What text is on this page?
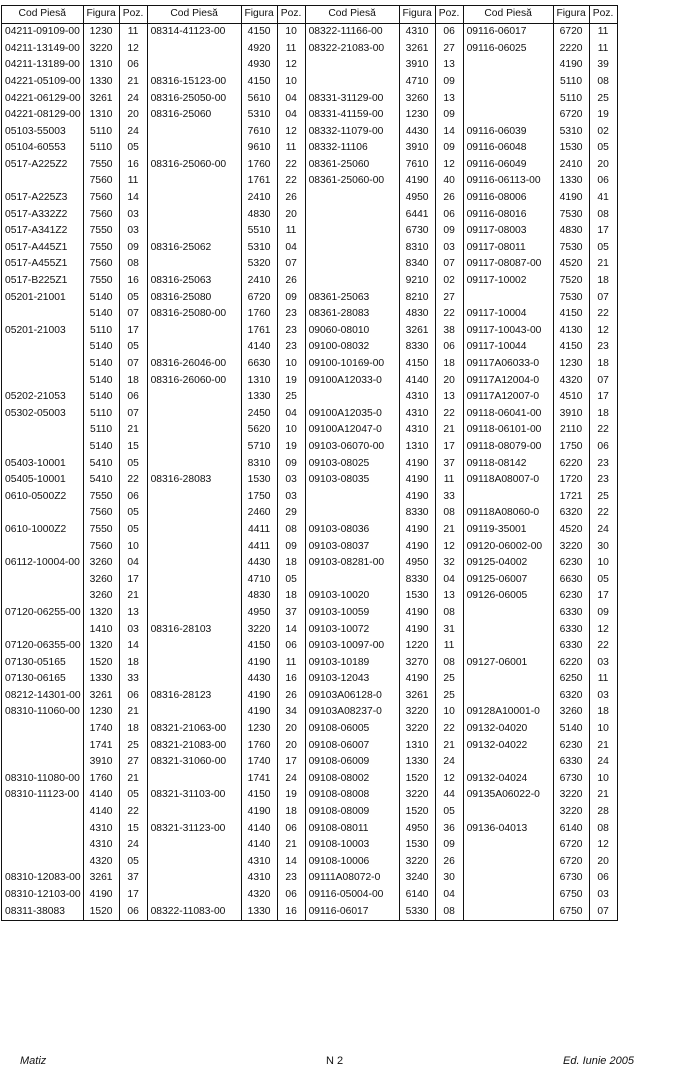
Cod Piesă	Figura	Poz.	Cod Piesă	Figura	Poz.	Cod Piesă	Figura	Poz.	Cod Piesă	Figura	Poz.
04211-09109-00	1230	11	08314-41123-00	4150	10	08322-11166-00	4310	06	09116-06017	6720	11
04211-13149-00	3220	12		4920	11	08322-21083-00	3261	27	09116-06025	2220	11
04211-13189-00	1310	06		4930	12		3910	13		4190	39
04221-05109-00	1330	21	08316-15123-00	4150	10		4710	09		5110	08
04221-06129-00	3261	24	08316-25050-00	5610	04	08331-31129-00	3260	13		5110	25
04221-08129-00	1310	20	08316-25060	5310	04	08331-41159-00	1230	09		6720	19
05103-55003	5110	24		7610	12	08332-11079-00	4430	14	09116-06039	5310	02
05104-60553	5110	05		9610	11	08332-11106	3910	09	09116-06048	1530	05
0517-A225Z2	7550	16	08316-25060-00	1760	22	08361-25060	7610	12	09116-06049	2410	20
	7560	11		1761	22	08361-25060-00	4190	40	09116-06113-00	1330	06
0517-A225Z3	7560	14		2410	26		4950	26	09116-08006	4190	41
0517-A332Z2	7560	03		4830	20		6441	06	09116-08016	7530	08
0517-A341Z2	7550	03		5510	11		6730	09	09117-08003	4830	17
0517-A445Z1	7550	09	08316-25062	5310	04		8310	03	09117-08011	7530	05
0517-A455Z1	7560	08		5320	07		8340	07	09117-08087-00	4520	21
0517-B225Z1	7550	16	08316-25063	2410	26		9210	02	09117-10002	7520	18
05201-21001	5140	05	08316-25080	6720	09	08361-25063	8210	27		7530	07
	5140	07	08316-25080-00	1760	23	08361-28083	4830	22	09117-10004	4150	22
05201-21003	5110	17		1761	23	09060-08010	3261	38	09117-10043-00	4130	12
	5140	05		4140	23	09100-08032	8330	06	09117-10044	4150	23
	5140	07	08316-26046-00	6630	10	09100-10169-00	4150	18	09117A06033-0	1230	18
	5140	18	08316-26060-00	1310	19	09100A12033-0	4140	20	09117A12004-0	4320	07
05202-21053	5140	06		1330	25		4310	13	09117A12007-0	4510	17
05302-05003	5110	07		2450	04	09100A12035-0	4310	22	09118-06041-00	3910	18
	5110	21		5620	10	09100A12047-0	4310	21	09118-06101-00	2110	22
	5140	15		5710	19	09103-06070-00	1310	17	09118-08079-00	1750	06
05403-10001	5410	05		8310	09	09103-08025	4190	37	09118-08142	6220	23
05405-10001	5410	22	08316-28083	1530	03	09103-08035	4190	11	09118A08007-0	1720	23
0610-0500Z2	7550	06		1750	03		4190	33		1721	25
	7560	05		2460	29		8330	08	09118A08060-0	6320	22
0610-1000Z2	7550	05		4411	08	09103-08036	4190	21	09119-35001	4520	24
	7560	10		4411	09	09103-08037	4190	12	09120-06002-00	3220	30
06112-10004-00	3260	04		4430	18	09103-08281-00	4950	32	09125-04002	6230	10
	3260	17		4710	05		8330	04	09125-06007	6630	05
	3260	21		4830	18	09103-10020	1530	13	09126-06005	6230	17
07120-06255-00	1320	13		4950	37	09103-10059	4190	08		6330	09
	1410	03	08316-28103	3220	14	09103-10072	4190	31		6330	12
07120-06355-00	1320	14		4150	06	09103-10097-00	1220	11		6330	22
07130-05165	1520	18		4190	11	09103-10189	3270	08	09127-06001	6220	03
07130-06165	1330	33		4430	16	09103-12043	4190	25		6250	11
08212-14301-00	3261	06	08316-28123	4190	26	09103A06128-0	3261	25		6320	03
08310-11060-00	1230	21		4190	34	09103A08237-0	3220	10	09128A10001-0	3260	18
	1740	18	08321-21063-00	1230	20	09108-06005	3220	22	09132-04020	5140	10
	1741	25	08321-21083-00	1760	20	09108-06007	1310	21	09132-04022	6230	21
	3910	27	08321-31060-00	1740	17	09108-06009	1330	24		6330	24
08310-11080-00	1760	21		1741	24	09108-08002	1520	12	09132-04024	6730	10
08310-11123-00	4140	05	08321-31103-00	4150	19	09108-08008	3220	44	09135A06022-0	3220	21
	4140	22		4190	18	09108-08009	1520	05		3220	28
	4310	15	08321-31123-00	4140	06	09108-08011	4950	36	09136-04013	6140	08
	4310	24		4140	21	09108-10003	1530	09		6720	12
	4320	05		4310	14	09108-10006	3220	26		6720	20
08310-12083-00	3261	37		4310	23	09111A08072-0	3240	30		6730	06
08310-12103-00	4190	17		4320	06	09116-05004-00	6140	04		6750	03
08311-38083	1520	06	08322-11083-00	1330	16	09116-06017	5330	08		6750	07
Matiz	N 2	Ed. Iunie 2005
